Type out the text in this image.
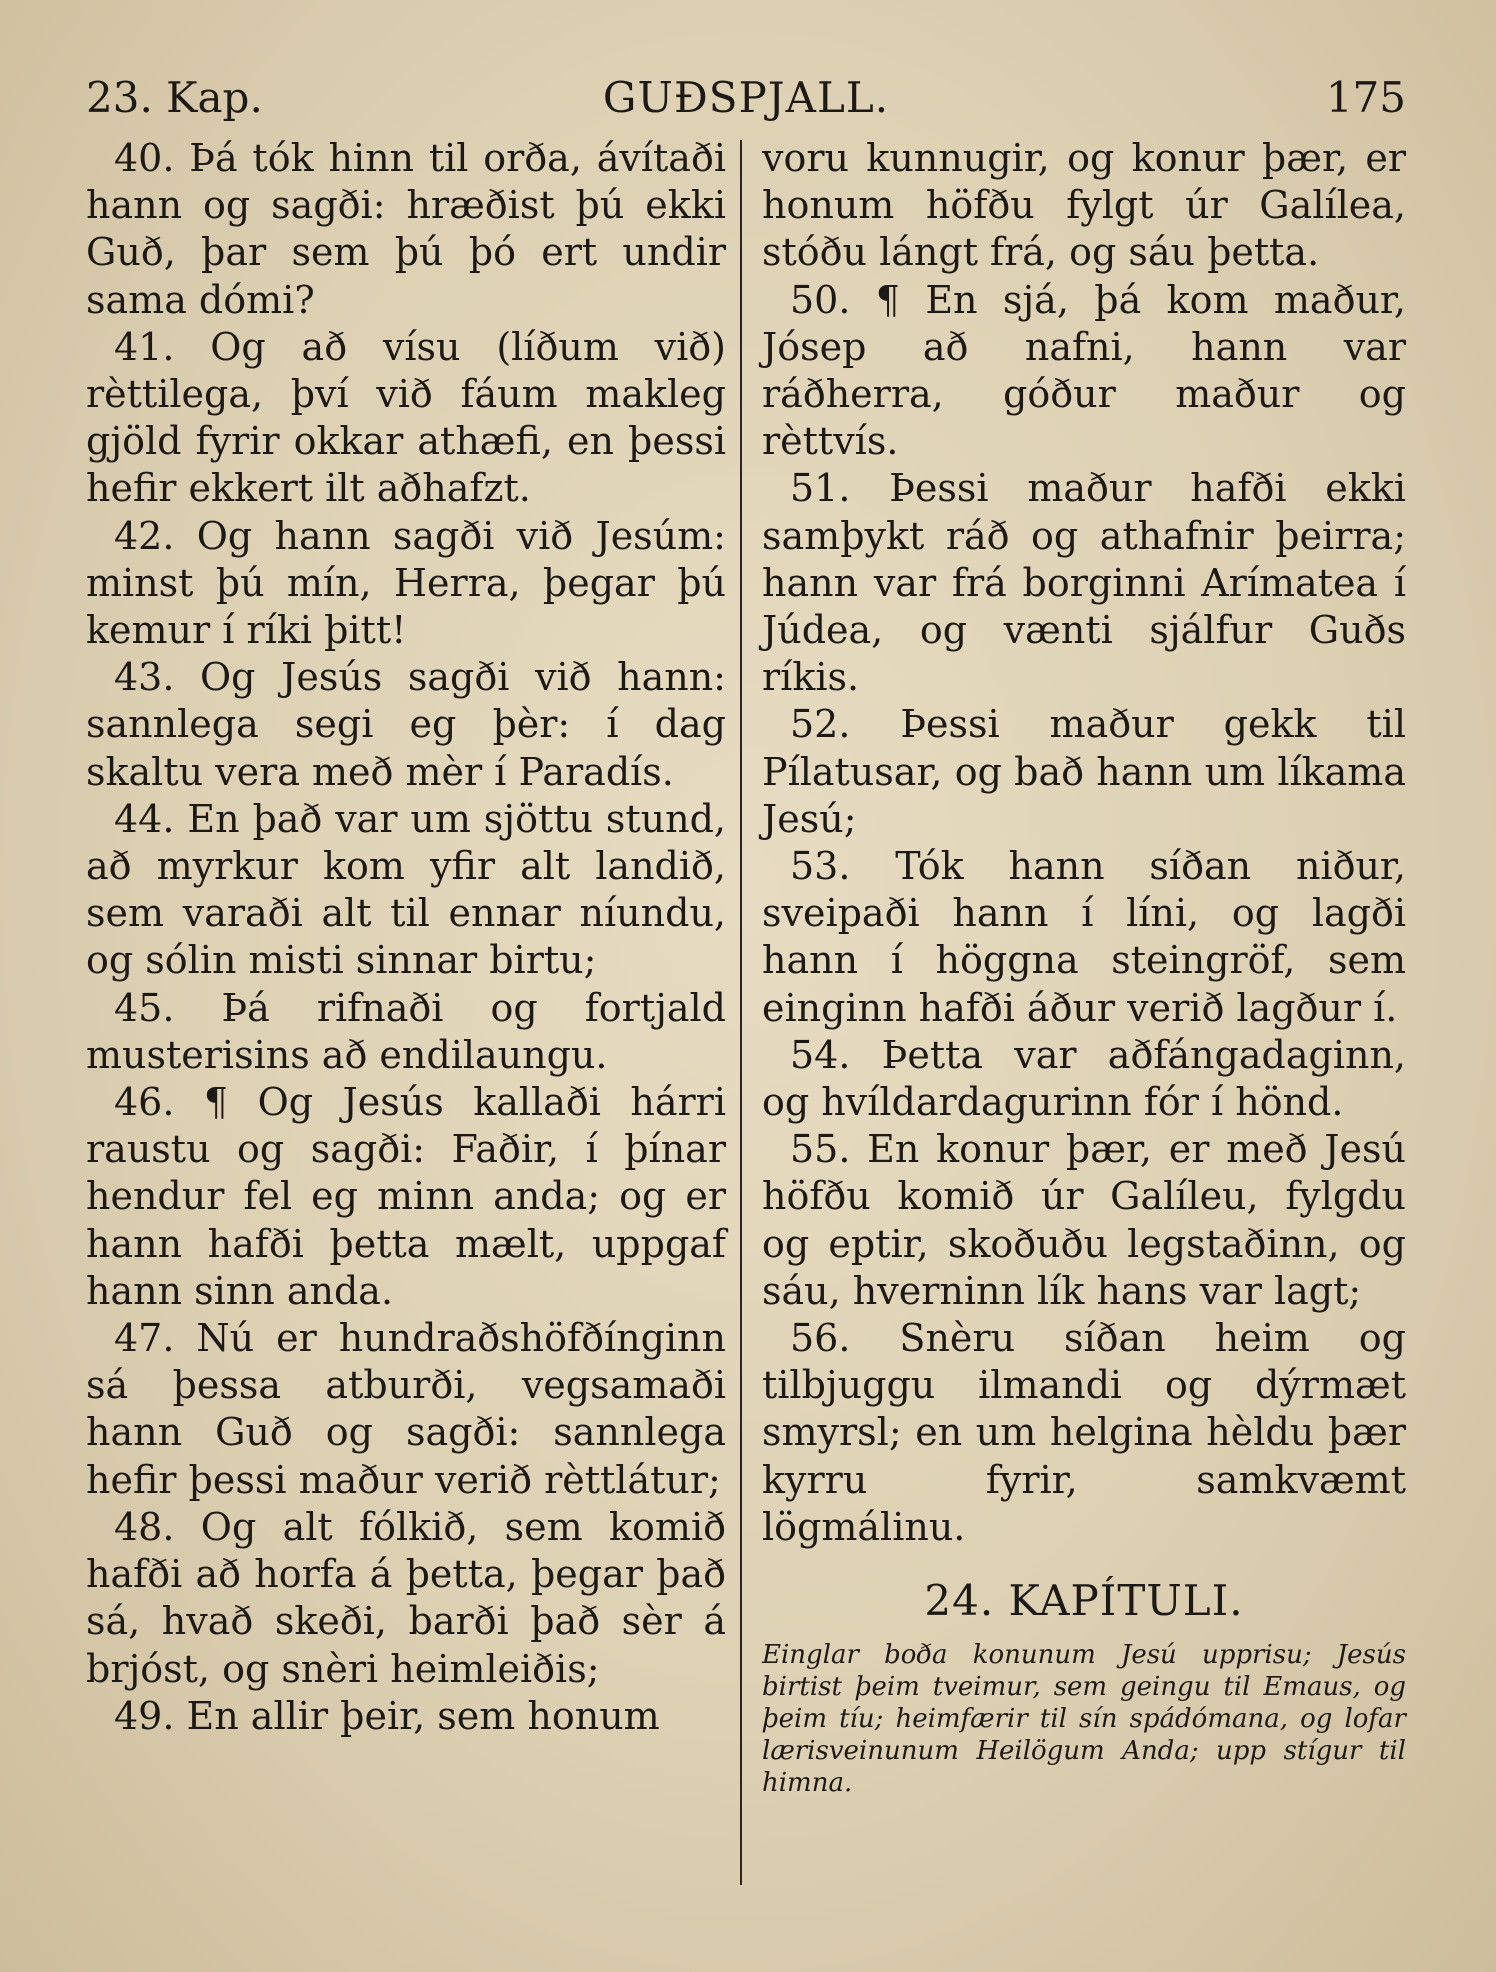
23. Kap.	GUÐSPJALL.	175

40. Þá tók hinn til orða, ávítaði hann og sagði: hræðist þú ekki Guð, þar sem þú þó ert undir sama dómi?

41. Og að vísu (líðum við) rèttilega, því við fáum makleg gjöld fyrir okkar athæfi, en þessi hefir ekkert ilt aðhafzt.

42. Og hann sagði við Jesúm: minst þú mín, Herra, þegar þú kemur í ríki þitt!

43. Og Jesús sagði við hann: sannlega segi eg þèr: í dag skaltu vera með mèr í Paradís.

44. En það var um sjöttu stund, að myrkur kom yfir alt landið, sem varaði alt til ennar níundu, og sólin misti sinnar birtu;

45. Þá rifnaði og fortjald musterisins að endilaungu.

46. ¶ Og Jesús kallaði hárri raustu og sagði: Faðir, í þínar hendur fel eg minn anda; og er hann hafði þetta mælt, uppgaf hann sinn anda.

47. Nú er hundraðshöfðínginn sá þessa atburði, vegsamaði hann Guð og sagði: sannlega hefir þessi maður verið rèttlátur;

48. Og alt fólkið, sem komið hafði að horfa á þetta, þegar það sá, hvað skeði, barði það sèr á brjóst, og snèri heimleiðis;

49. En allir þeir, sem honum

voru kunnugir, og konur þær, er honum höfðu fylgt úr Galílea, stóðu lángt frá, og sáu þetta.

50. ¶ En sjá, þá kom maður, Jósep að nafni, hann var ráðherra, góður maður og rèttvís.

51. Þessi maður hafði ekki samþykt ráð og athafnir þeirra; hann var frá borginni Arímatea í Júdea, og vænti sjálfur Guðs ríkis.

52. Þessi maður gekk til Pílatusar, og bað hann um líkama Jesú;

53. Tók hann síðan niður, sveipaði hann í líni, og lagði hann í höggna steingröf, sem einginn hafði áður verið lagður í.

54. Þetta var aðfángadaginn, og hvíldardagurinn fór í hönd.

55. En konur þær, er með Jesú höfðu komið úr Galíleu, fylgdu og eptir, skoðuðu legstaðinn, og sáu, hverninn lík hans var lagt;

56. Snèru síðan heim og tilbjuggu ilmandi og dýrmæt smyrsl; en um helgina hèldu þær kyrru fyrir, samkvæmt lögmálinu.

24. KAPÍTULI.

Einglar boða konunum Jesú upprisu; Jesús birtist þeim tveimur, sem geingu til Emaus, og þeim tíu; heimfærir til sín spádómana, og lofar lærisveinunum Heilögum Anda; upp stígur til himna.
